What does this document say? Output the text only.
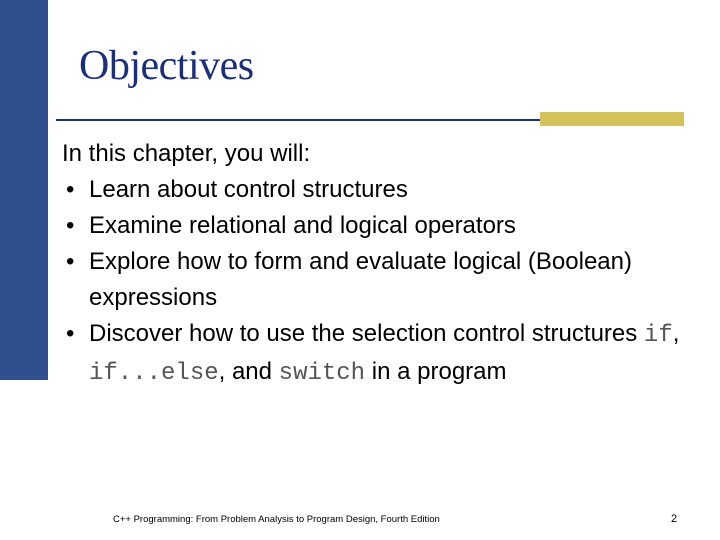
Objectives

In this chapter, you will:

• Learn about control structures
• Examine relational and logical operators
• Explore how to form and evaluate logical (Boolean) expressions
• Discover how to use the selection control structures if, if...else, and switch in a program
C++ Programming: From Problem Analysis to Program Design, Fourth Edition	2
